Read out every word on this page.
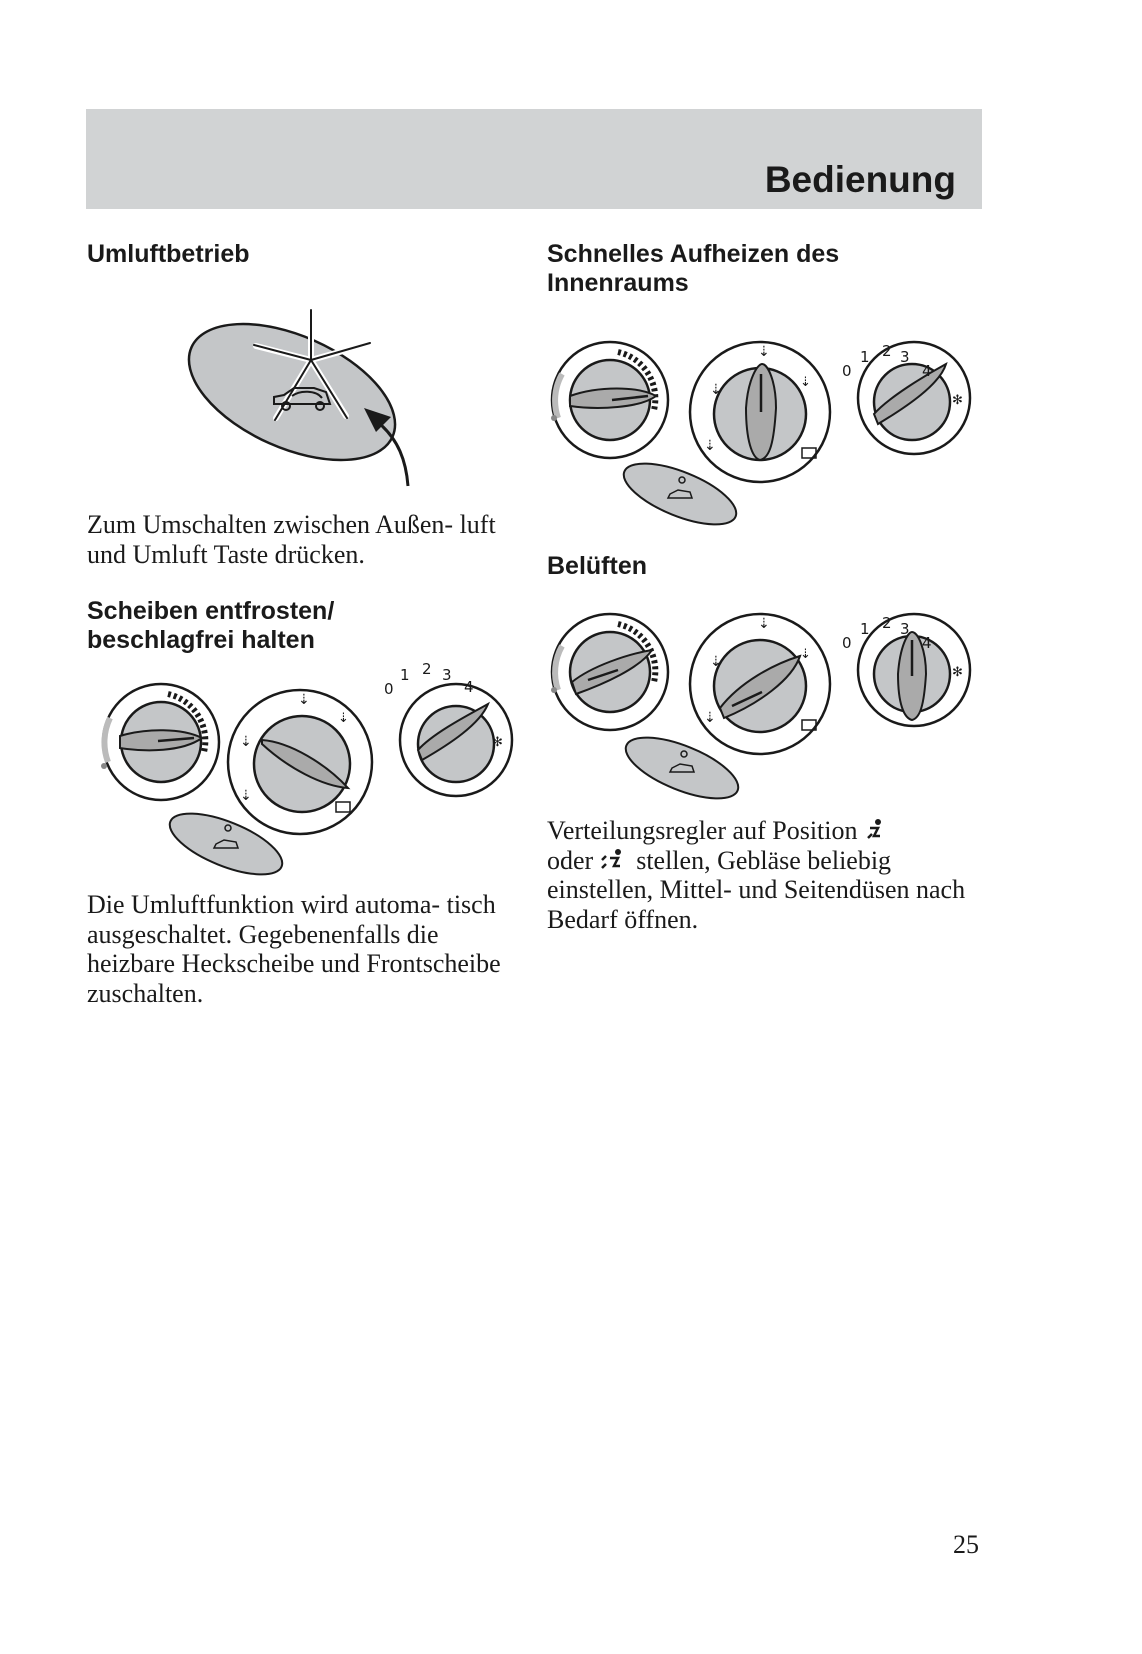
Bedienung
Umluftbetrieb

Zum Umschalten zwischen Außen- luft und Umluft Taste drücken.

Scheiben entfrosten/
beschlagfrei halten
⇣
⇣
⇣
⇣
0
1 2 3
4
✻

Die Umluftfunktion wird automa- tisch ausgeschaltet. Gegebenenfalls die heizbare Heckscheibe und Frontscheibe zuschalten.

Schnelles Aufheizen des
Innenraums
⇣
⇣
⇣
⇣
0
1 2 3
4
✻
Belüften
⇣
⇣
⇣
⇣
0
1 2 3
4
✻

Verteilungsregler auf Position
oder stellen, Gebläse beliebig einstellen, Mittel- und Seitendüsen nach Bedarf öffnen.

25
